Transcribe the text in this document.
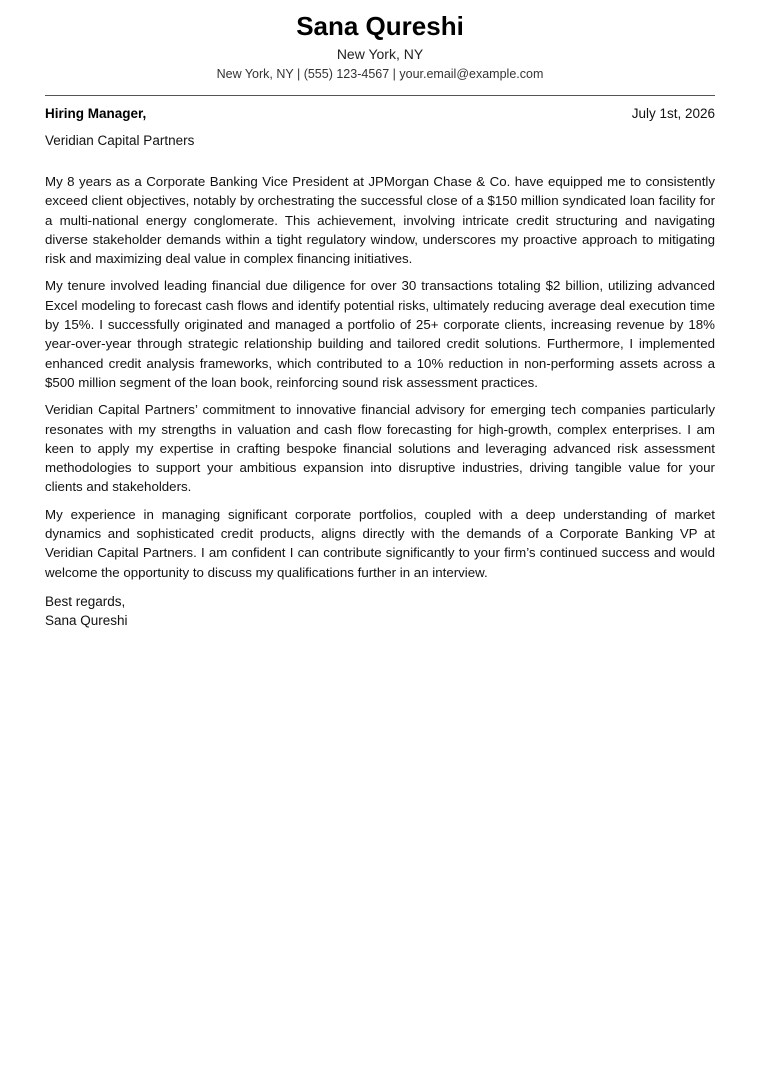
Sana Qureshi
New York, NY
New York, NY | (555) 123-4567 | your.email@example.com
Hiring Manager,	July 1st, 2026
Veridian Capital Partners

My 8 years as a Corporate Banking Vice President at JPMorgan Chase & Co. have equipped me to consistently exceed client objectives, notably by orchestrating the successful close of a $150 million syndicated loan facility for a multi-national energy conglomerate. This achievement, involving intricate credit structuring and navigating diverse stakeholder demands within a tight regulatory window, underscores my proactive approach to mitigating risk and maximizing deal value in complex financing initiatives.

My tenure involved leading financial due diligence for over 30 transactions totaling $2 billion, utilizing advanced Excel modeling to forecast cash flows and identify potential risks, ultimately reducing average deal execution time by 15%. I successfully originated and managed a portfolio of 25+ corporate clients, increasing revenue by 18% year-over-year through strategic relationship building and tailored credit solutions. Furthermore, I implemented enhanced credit analysis frameworks, which contributed to a 10% reduction in non-performing assets across a $500 million segment of the loan book, reinforcing sound risk assessment practices.

Veridian Capital Partners’ commitment to innovative financial advisory for emerging tech companies particularly resonates with my strengths in valuation and cash flow forecasting for high-growth, complex enterprises. I am keen to apply my expertise in crafting bespoke financial solutions and leveraging advanced risk assessment methodologies to support your ambitious expansion into disruptive industries, driving tangible value for your clients and stakeholders.

My experience in managing significant corporate portfolios, coupled with a deep understanding of market dynamics and sophisticated credit products, aligns directly with the demands of a Corporate Banking VP at Veridian Capital Partners. I am confident I can contribute significantly to your firm’s continued success and would welcome the opportunity to discuss my qualifications further in an interview.

Best regards,
Sana Qureshi
